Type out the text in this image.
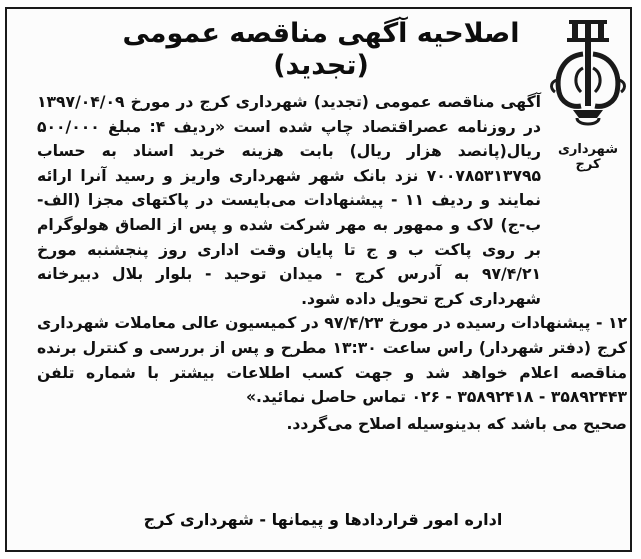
شهرداری کرج
اصلاحیه آگهی مناقصه عمومی (تجدید)

آگهی مناقصه عمومی (تجدید) شهرداری کرج در مورخ ۱۳۹۷/۰۴/۰۹ در روزنامه عصراقتصاد چاپ شده است «ردیف ۴: مبلغ ۵۰۰/۰۰۰ ریال(پانصد هزار ریال) بابت هزینه خرید اسناد به حساب ۷۰۰۷۸۵۳۱۳۷۹۵ نزد بانک شهر شهرداری واریز و رسید آنرا ارائه نمایند و ردیف ۱۱ - پیشنهادات می‌بایست در پاکتهای مجزا (الف-ب-ج) لاک و ممهور به مهر شرکت شده و پس از الصاق هولوگرام بر روی پاکت ب و ج تا پایان وقت اداری روز پنجشنبه مورخ ۹۷/۴/۲۱ به آدرس کرج - میدان توحید - بلوار بلال دبیرخانه شهرداری کرج تحویل داده شود.

۱۲ - پیشنهادات رسیده در مورخ ۹۷/۴/۲۳ در کمیسیون عالی معاملات شهرداری کرج (دفتر شهردار) راس ساعت ۱۳:۳۰ مطرح و پس از بررسی و کنترل برنده مناقصه اعلام خواهد شد و جهت کسب اطلاعات بیشتر با شماره تلفن ۳۵۸۹۲۴۴۳ - ۳۵۸۹۲۴۱۸ - ۰۲۶ تماس حاصل نمائید.»

صحیح می باشد که بدینوسیله اصلاح می‌گردد.

اداره امور قراردادها و پیمانها - شهرداری کرج
